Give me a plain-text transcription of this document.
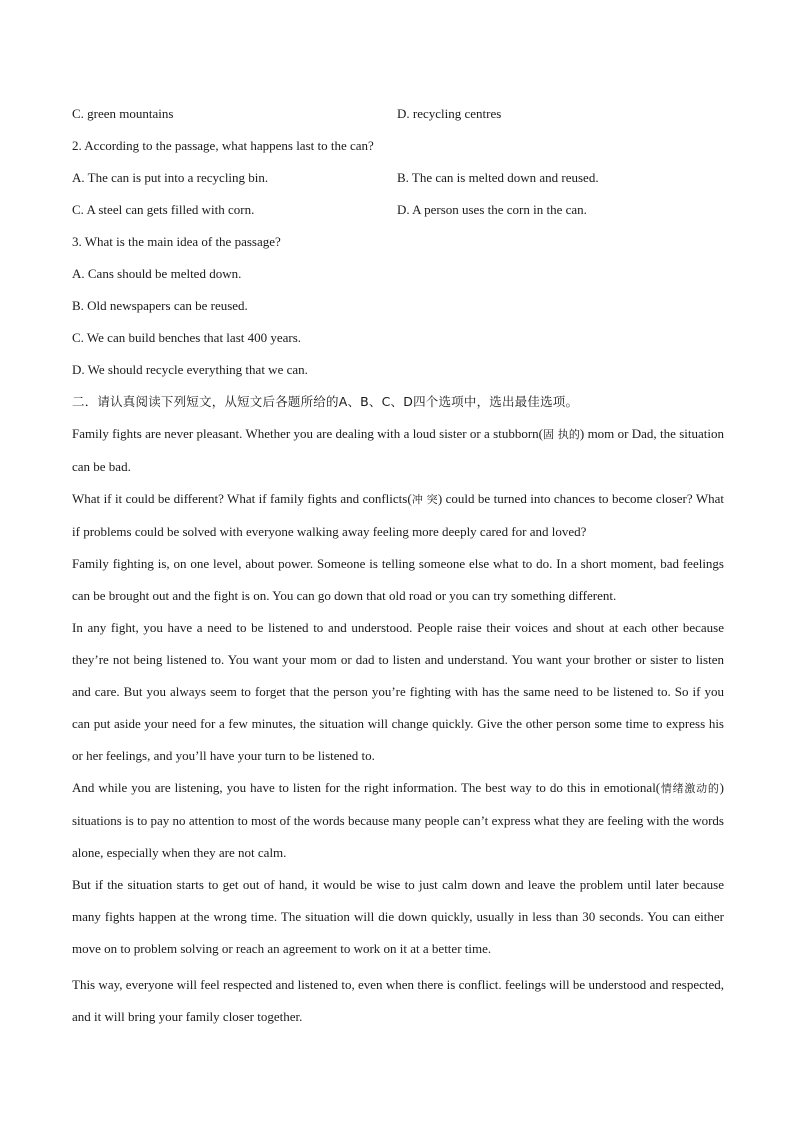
C. green mountains	D. recycling centres
2. According to the passage, what happens last to the can?
A. The can is put into a recycling bin.	B. The can is melted down and reused.
C. A steel can gets filled with corn.	D. A person uses the corn in the can.
3. What is the main idea of the passage?
A. Cans should be melted down.
B. Old newspapers can be reused.
C. We can build benches that last 400 years.
D. We should recycle everything that we can.
二．请认真阅读下列短文，从短文后各题所给的A、B、C、D四个选项中，选出最佳选项。
Family fights are never pleasant. Whether you are dealing with a loud sister or a stubborn(固 执的) mom or Dad, the situation can be bad.
What if it could be different? What if family fights and conflicts(冲 突) could be turned into chances to become closer? What if problems could be solved with everyone walking away feeling more deeply cared for and loved?
Family fighting is, on one level, about power. Someone is telling someone else what to do. In a short moment, bad feelings can be brought out and the fight is on. You can go down that old road or you can try something different.
In any fight, you have a need to be listened to and understood. People raise their voices and shout at each other because they’re not being listened to. You want your mom or dad to listen and understand. You want your brother or sister to listen and care. But you always seem to forget that the person you’re fighting with has the same need to be listened to. So if you can put aside your need for a few minutes, the situation will change quickly. Give the other person some time to express his or her feelings, and you’ll have your turn to be listened to.
And while you are listening, you have to listen for the right information. The best way to do this in emotional(情绪激动的) situations is to pay no attention to most of the words because many people can’t express what they are feeling with the words alone, especially when they are not calm.
But if the situation starts to get out of hand, it would be wise to just calm down and leave the problem until later because many fights happen at the wrong time. The situation will die down quickly, usually in less than 30 seconds. You can either move on to problem solving or reach an agreement to work on it at a better time.
This way, everyone will feel respected and listened to, even when there is conflict. feelings will be understood and respected, and it will bring your family closer together.
